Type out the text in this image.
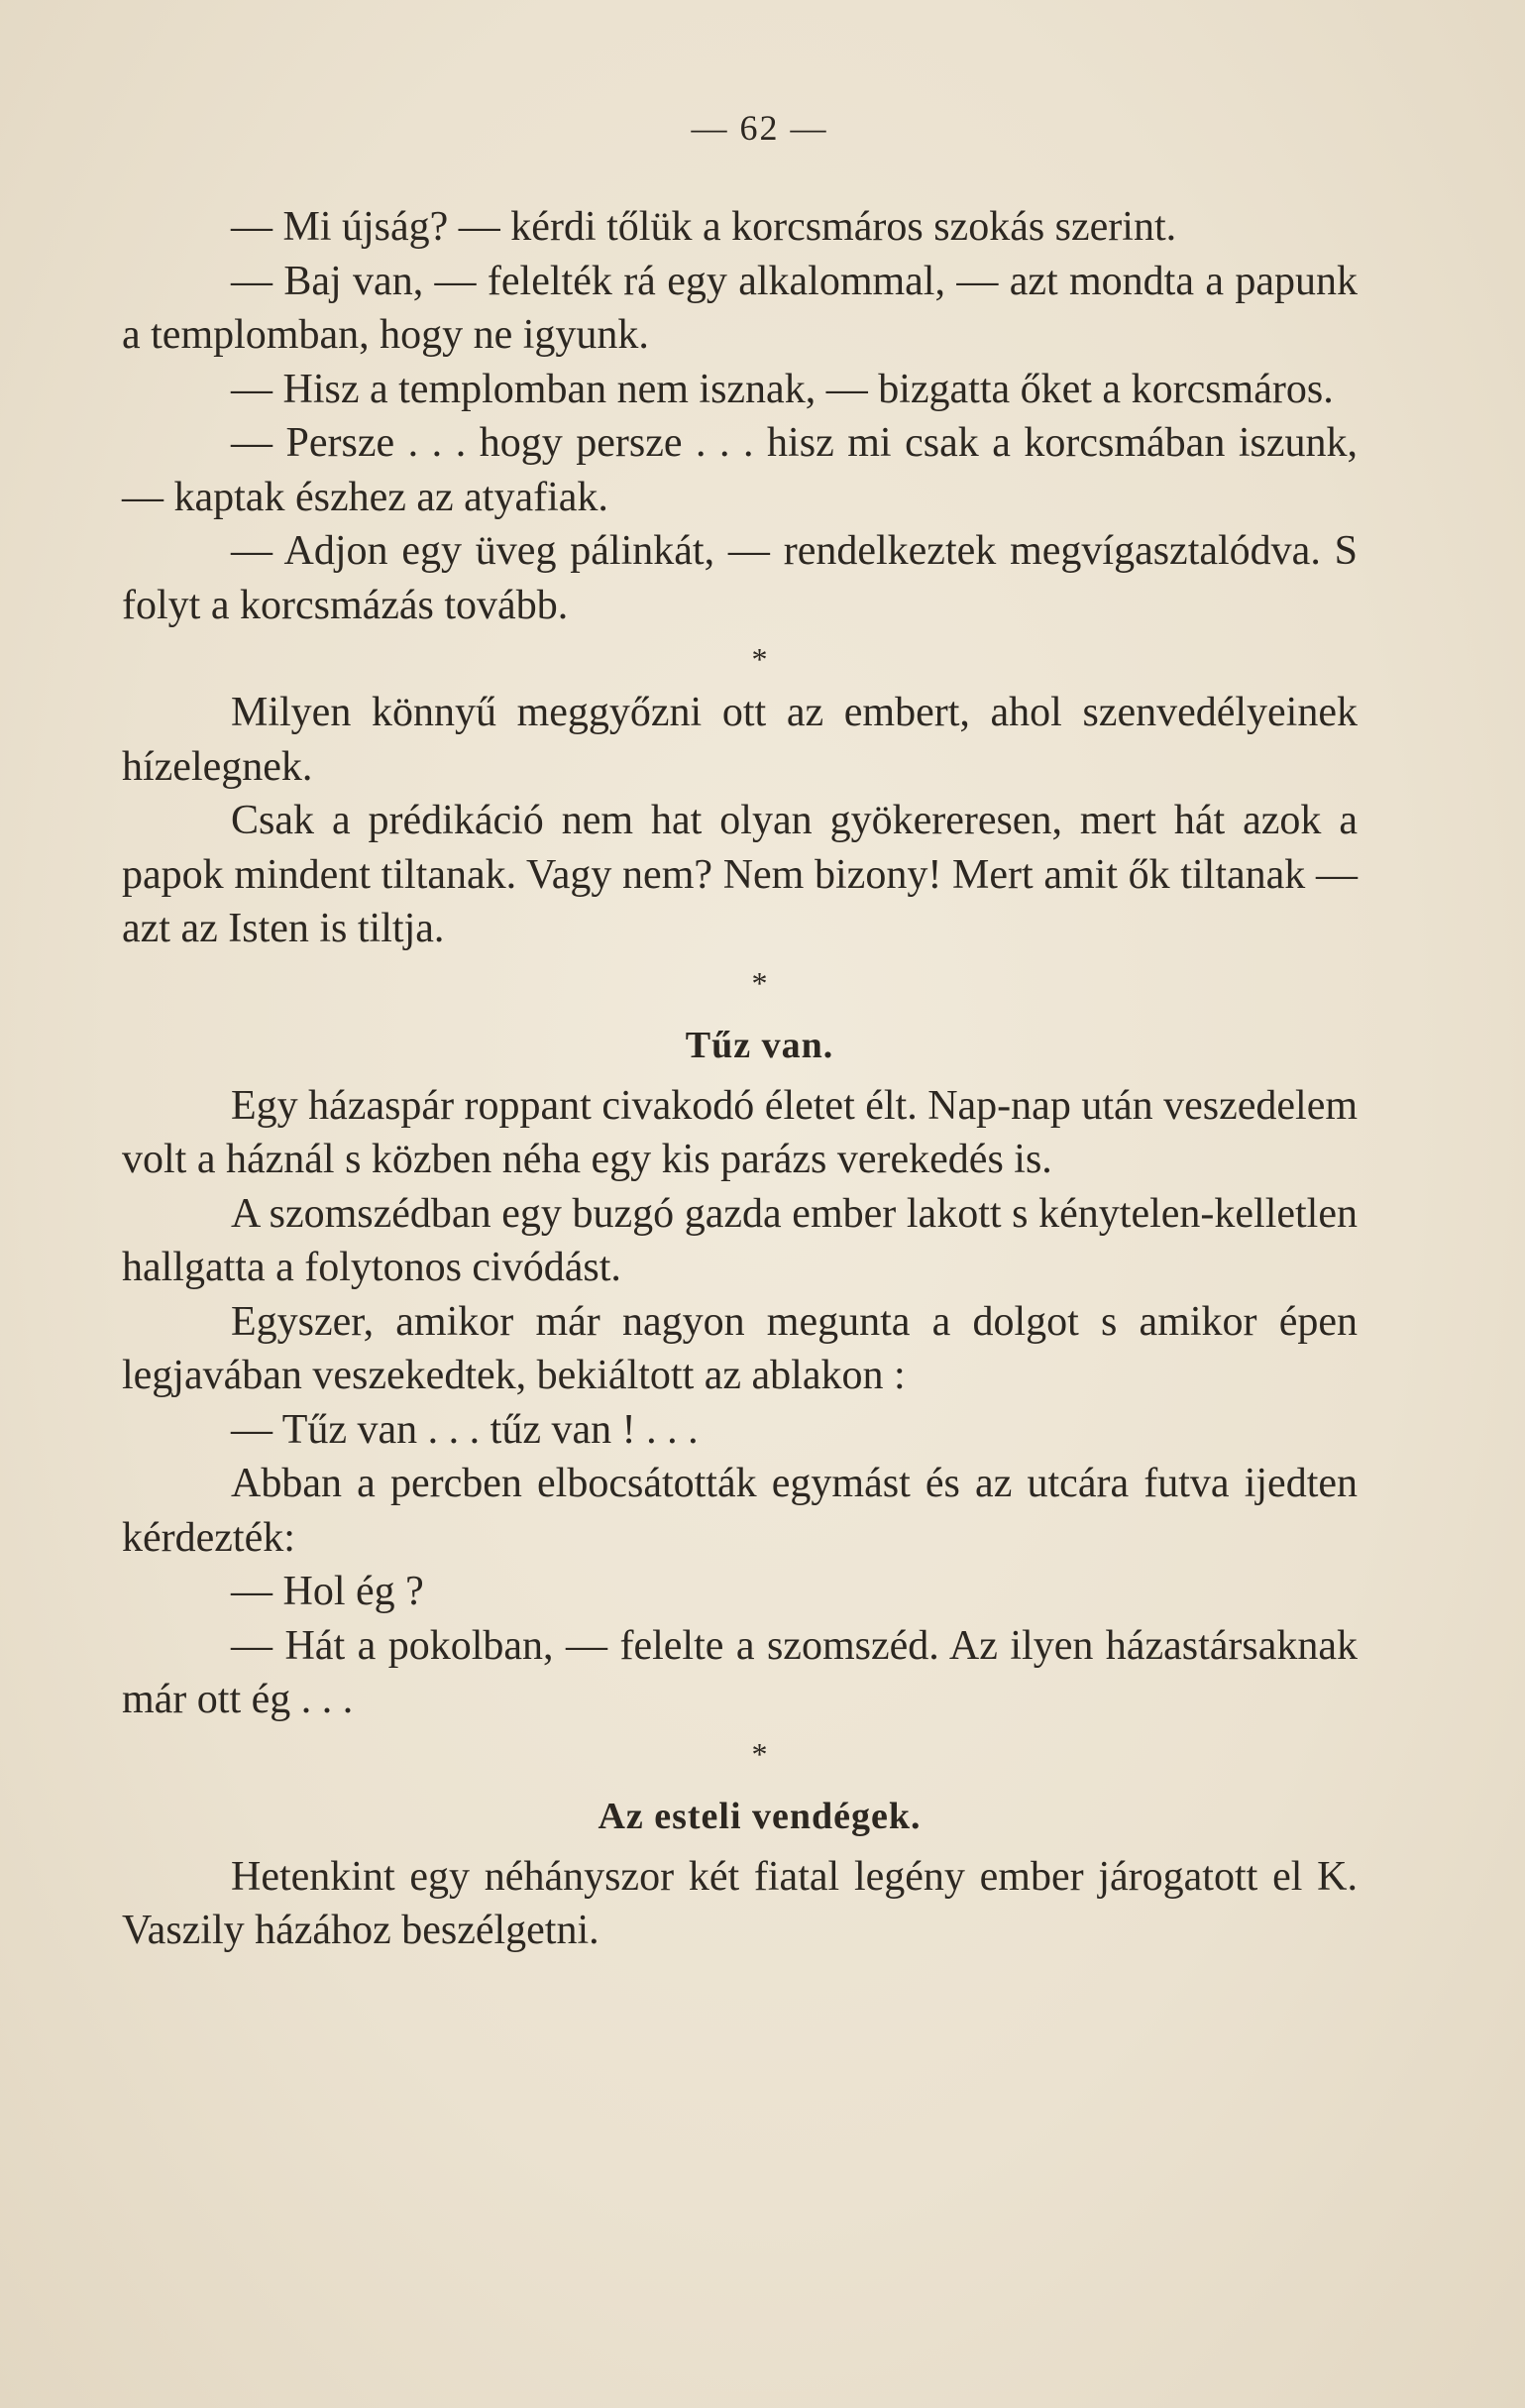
— 62 —

— Mi újság? — kérdi tőlük a korcsmáros szokás szerint.

— Baj van, — felelték rá egy alkalommal, — azt mondta a papunk a templomban, hogy ne igyunk.

— Hisz a templomban nem isznak, — bizgatta őket a korcsmáros.

— Persze . . . hogy persze . . . hisz mi csak a korcsmában iszunk, — kaptak észhez az atyafiak.

— Adjon egy üveg pálinkát, — rendelkeztek megvígasztalódva. S folyt a korcsmázás tovább.

*

Milyen könnyű meggyőzni ott az embert, ahol szenvedélyeinek hízelegnek.

Csak a prédikáció nem hat olyan gyökereresen, mert hát azok a papok mindent tiltanak. Vagy nem? Nem bizony! Mert amit ők tiltanak — azt az Isten is tiltja.

*
Tűz van.

Egy házaspár roppant civakodó életet élt. Nap-nap után veszedelem volt a háznál s közben néha egy kis parázs verekedés is.

A szomszédban egy buzgó gazda ember lakott s kénytelen-kelletlen hallgatta a folytonos civódást.

Egyszer, amikor már nagyon megunta a dolgot s amikor épen legjavában veszekedtek, bekiáltott az ablakon :

— Tűz van . . . tűz van ! . . .

Abban a percben elbocsátották egymást és az utcára futva ijedten kérdezték:

— Hol ég ?

— Hát a pokolban, — felelte a szomszéd. Az ilyen házastársaknak már ott ég . . .

*
Az esteli vendégek.

Hetenkint egy néhányszor két fiatal legény ember járogatott el K. Vaszily házához beszélgetni.
